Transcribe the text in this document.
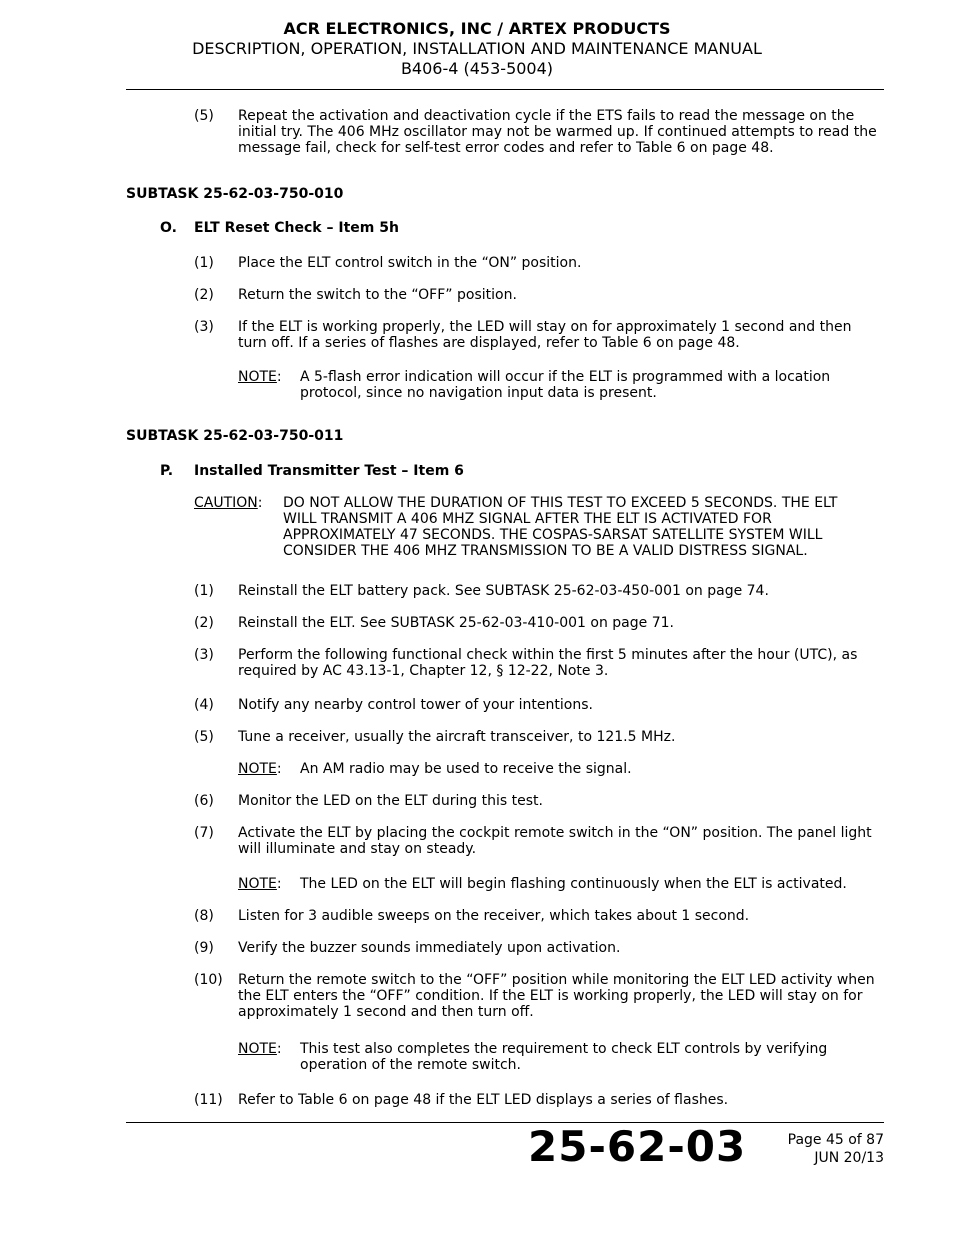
ACR ELECTRONICS, INC / ARTEX PRODUCTS
DESCRIPTION, OPERATION, INSTALLATION AND MAINTENANCE MANUAL
B406-4 (453-5004)
(5) Repeat the activation and deactivation cycle if the ETS fails to read the message on the initial try. The 406 MHz oscillator may not be warmed up. If continued attempts to read the message fail, check for self-test error codes and refer to Table 6 on page 48.
SUBTASK 25-62-03-750-010
O. ELT Reset Check – Item 5h
(1) Place the ELT control switch in the “ON” position.
(2) Return the switch to the “OFF” position.
(3) If the ELT is working properly, the LED will stay on for approximately 1 second and then turn off. If a series of flashes are displayed, refer to Table 6 on page 48.
NOTE: A 5-flash error indication will occur if the ELT is programmed with a location protocol, since no navigation input data is present.
SUBTASK 25-62-03-750-011
P. Installed Transmitter Test – Item 6
CAUTION: DO NOT ALLOW THE DURATION OF THIS TEST TO EXCEED 5 SECONDS. THE ELT WILL TRANSMIT A 406 MHZ SIGNAL AFTER THE ELT IS ACTIVATED FOR APPROXIMATELY 47 SECONDS. THE COSPAS-SARSAT SATELLITE SYSTEM WILL CONSIDER THE 406 MHZ TRANSMISSION TO BE A VALID DISTRESS SIGNAL.
(1) Reinstall the ELT battery pack. See SUBTASK 25-62-03-450-001 on page 74.
(2) Reinstall the ELT. See SUBTASK 25-62-03-410-001 on page 71.
(3) Perform the following functional check within the first 5 minutes after the hour (UTC), as required by AC 43.13-1, Chapter 12, § 12-22, Note 3.
(4) Notify any nearby control tower of your intentions.
(5) Tune a receiver, usually the aircraft transceiver, to 121.5 MHz.
NOTE: An AM radio may be used to receive the signal.
(6) Monitor the LED on the ELT during this test.
(7) Activate the ELT by placing the cockpit remote switch in the “ON” position. The panel light will illuminate and stay on steady.
NOTE: The LED on the ELT will begin flashing continuously when the ELT is activated.
(8) Listen for 3 audible sweeps on the receiver, which takes about 1 second.
(9) Verify the buzzer sounds immediately upon activation.
(10) Return the remote switch to the “OFF” position while monitoring the ELT LED activity when the ELT enters the “OFF” condition. If the ELT is working properly, the LED will stay on for approximately 1 second and then turn off.
NOTE: This test also completes the requirement to check ELT controls by verifying operation of the remote switch.
(11) Refer to Table 6 on page 48 if the ELT LED displays a series of flashes.
25-62-03	Page 45 of 87
JUN 20/13
